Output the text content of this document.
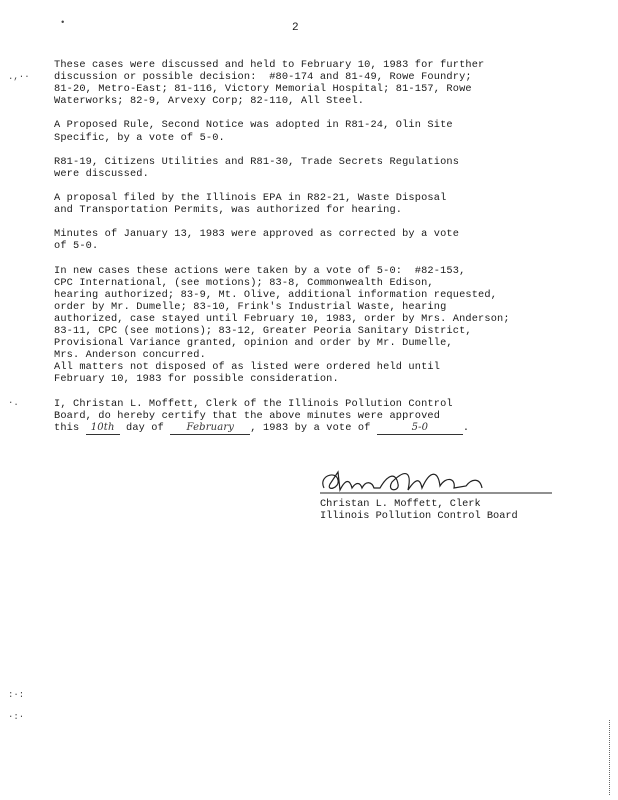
2
•
.,··
·.
:·:
·:·

These cases were discussed and held to February 10, 1983 for further
discussion or possible decision:  #80-174 and 81-49, Rowe Foundry;
81-20, Metro-East; 81-116, Victory Memorial Hospital; 81-157, Rowe
Waterworks; 82-9, Arvexy Corp; 82-110, All Steel.

A Proposed Rule, Second Notice was adopted in R81-24, Olin Site
Specific, by a vote of 5-0.

R81-19, Citizens Utilities and R81-30, Trade Secrets Regulations
were discussed.

A proposal filed by the Illinois EPA in R82-21, Waste Disposal
and Transportation Permits, was authorized for hearing.

Minutes of January 13, 1983 were approved as corrected by a vote
of 5-0.

In new cases these actions were taken by a vote of 5-0:  #82-153,
CPC International, (see motions); 83-8, Commonwealth Edison,
hearing authorized; 83-9, Mt. Olive, additional information requested,
order by Mr. Dumelle; 83-10, Frink's Industrial Waste, hearing
authorized, case stayed until February 10, 1983, order by Mrs. Anderson;
83-11, CPC (see motions); 83-12, Greater Peoria Sanitary District,
Provisional Variance granted, opinion and order by Mr. Dumelle,
Mrs. Anderson concurred.

All matters not disposed of as listed were ordered held until
February 10, 1983 for possible consideration.

I, Christan L. Moffett, Clerk of the Illinois Pollution Control
Board, do hereby certify that the above minutes were approved
this 10th day of February , 1983 by a vote of	5-0	.
Christan L. Moffett, Clerk
Illinois Pollution Control Board
